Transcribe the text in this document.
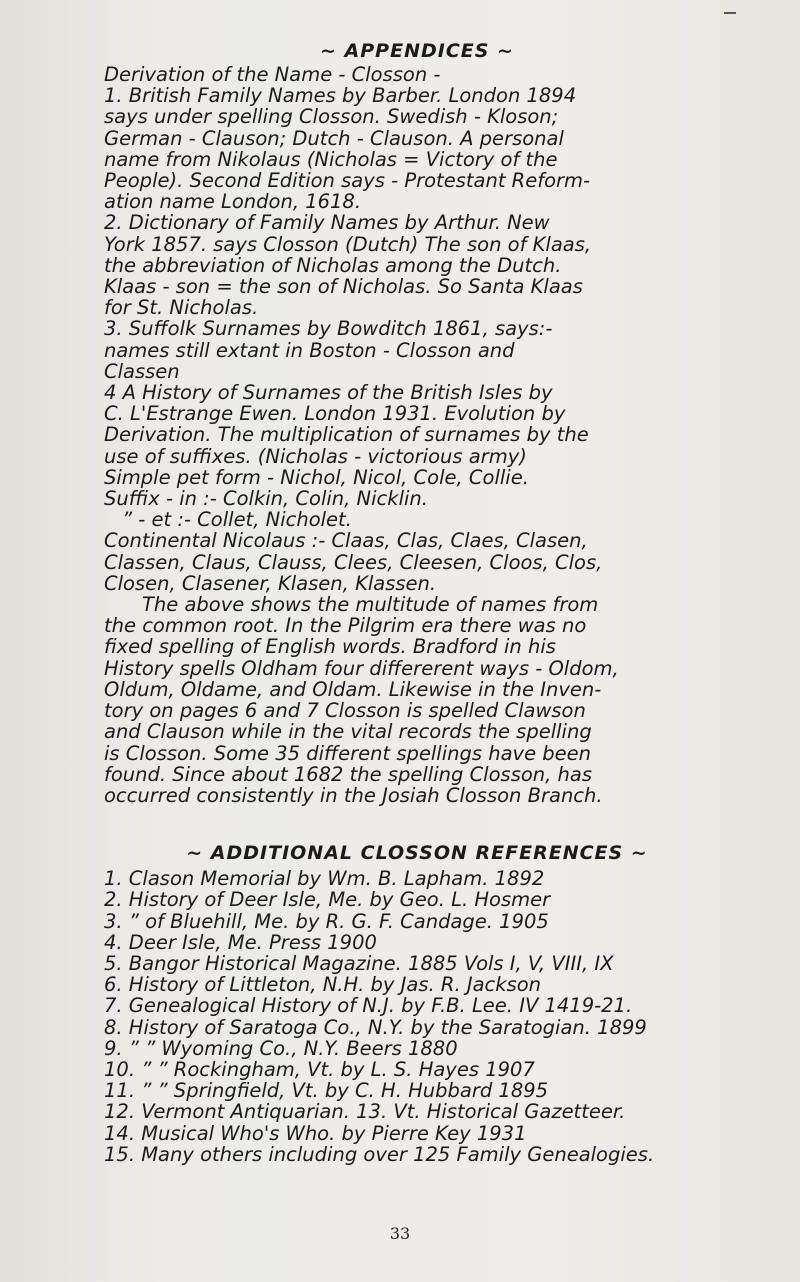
~ APPENDICES ~
Derivation of the Name - Closson -
1. British Family Names by Barber. London 1894
says under spelling Closson. Swedish - Kloson;
German - Clauson; Dutch - Clauson. A personal
name from Nikolaus (Nicholas = Victory of the
People). Second Edition says - Protestant Reform-
ation name London, 1618.
2. Dictionary of Family Names by Arthur. New
York 1857. says Closson (Dutch) The son of Klaas,
the abbreviation of Nicholas among the Dutch.
Klaas - son = the son of Nicholas. So Santa Klaas
for St. Nicholas.
3. Suffolk Surnames by Bowditch 1861, says:-
names still extant in Boston - Closson and
Classen
4 A History of Surnames of the British Isles by
C. L'Estrange Ewen. London 1931. Evolution by
Derivation. The multiplication of surnames by the
use of suffixes. (Nicholas - victorious army)
Simple pet form - Nichol, Nicol, Cole, Collie.
Suffix - in :- Colkin, Colin, Nicklin.
” - et :- Collet, Nicholet.
Continental Nicolaus :- Claas, Clas, Claes, Clasen,
Classen, Claus, Clauss, Clees, Cleesen, Cloos, Clos,
Closen, Clasener, Klasen, Klassen.
The above shows the multitude of names from
the common root. In the Pilgrim era there was no
fixed spelling of English words. Bradford in his
History spells Oldham four differerent ways - Oldom,
Oldum, Oldame, and Oldam. Likewise in the Inven-
tory on pages 6 and 7 Closson is spelled Clawson
and Clauson while in the vital records the spelling
is Closson. Some 35 different spellings have been
found. Since about 1682 the spelling Closson, has
occurred consistently in the Josiah Closson Branch.
~ ADDITIONAL CLOSSON REFERENCES ~
1. Clason Memorial by Wm. B. Lapham. 1892
2. History of Deer Isle, Me. by Geo. L. Hosmer
3. ” of Bluehill, Me. by R. G. F. Candage. 1905
4. Deer Isle, Me. Press 1900
5. Bangor Historical Magazine. 1885 Vols I, V, VIII, IX
6. History of Littleton, N.H. by Jas. R. Jackson
7. Genealogical History of N.J. by F.B. Lee. IV 1419-21.
8. History of Saratoga Co., N.Y. by the Saratogian. 1899
9. ” ” Wyoming Co., N.Y. Beers 1880
10. ” ” Rockingham, Vt. by L. S. Hayes 1907
11. ” ” Springfield, Vt. by C. H. Hubbard 1895
12. Vermont Antiquarian. 13. Vt. Historical Gazetteer.
14. Musical Who's Who. by Pierre Key 1931
15. Many others including over 125 Family Genealogies.
33
